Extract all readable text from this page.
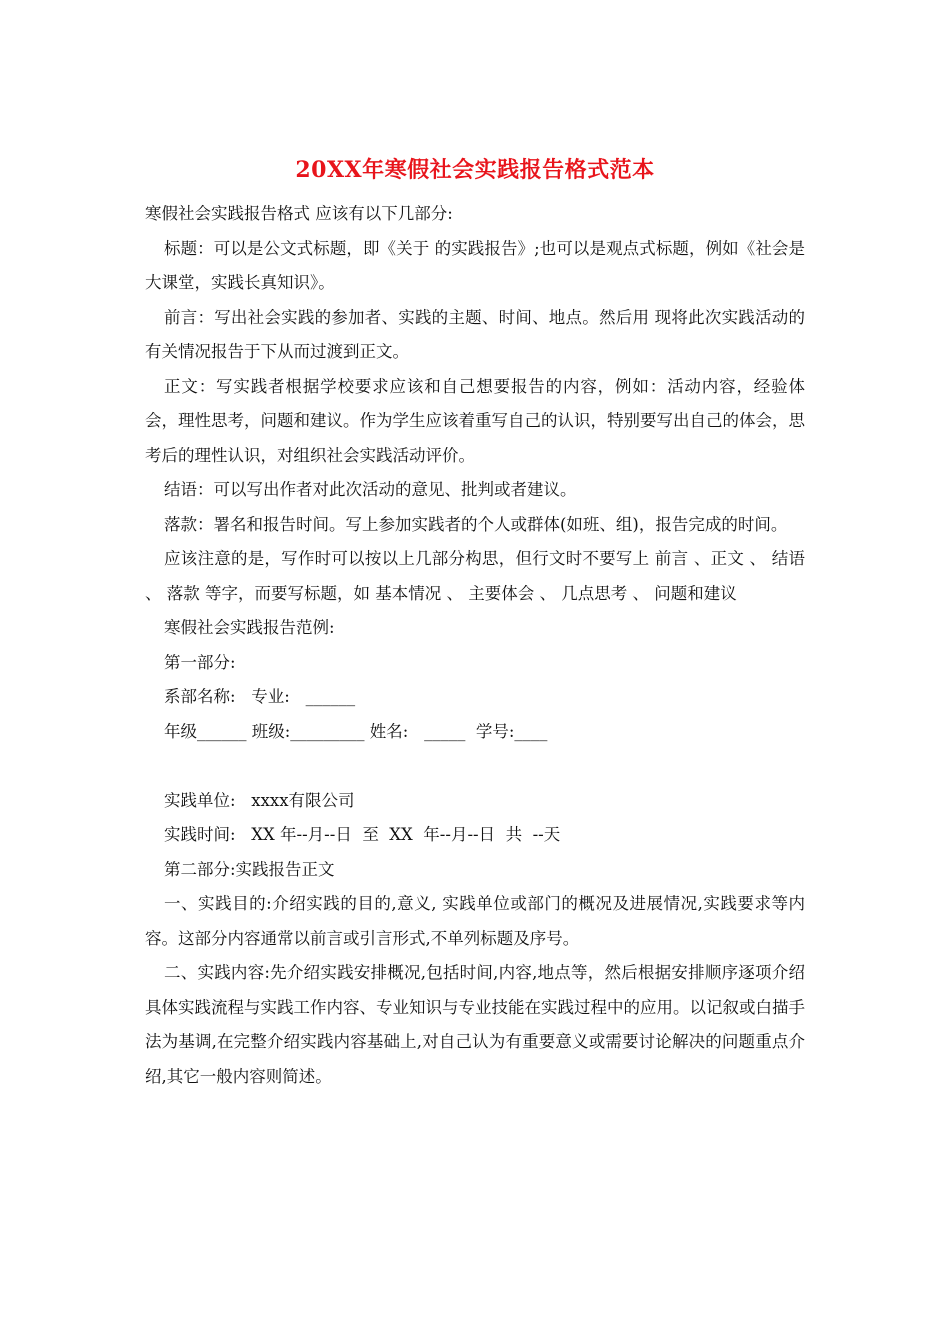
20XX年寒假社会实践报告格式范本

寒假社会实践报告格式 应该有以下几部分:

标题：可以是公文式标题，即《关于 的实践报告》;也可以是观点式标题，例如《社会是大课堂，实践长真知识》。

前言：写出社会实践的参加者、实践的主题、时间、地点。然后用 现将此次实践活动的有关情况报告于下从而过渡到正文。

正文：写实践者根据学校要求应该和自己想要报告的内容，例如：活动内容，经验体会，理性思考，问题和建议。作为学生应该着重写自己的认识，特别要写出自己的体会，思考后的理性认识，对组织社会实践活动评价。

结语：可以写出作者对此次活动的意见、批判或者建议。

落款：署名和报告时间。写上参加实践者的个人或群体(如班、组)，报告完成的时间。

应该注意的是，写作时可以按以上几部分构思，但行文时不要写上 前言 、正文 、 结语 、 落款 等字，而要写标题，如 基本情况 、 主要体会 、 几点思考 、 问题和建议

寒假社会实践报告范例:

第一部分:

系部名称:   专业:   ______

年级______ 班级:_________ 姓名:   _____  学号:____

实践单位:   xxxx有限公司

实践时间:   XX 年--月--日  至  XX  年--月--日  共  --天

第二部分:实践报告正文

一、实践目的:介绍实践的目的,意义, 实践单位或部门的概况及进展情况,实践要求等内容。这部分内容通常以前言或引言形式,不单列标题及序号。

二、实践内容:先介绍实践安排概况,包括时间,内容,地点等，然后根据安排顺序逐项介绍具体实践流程与实践工作内容、专业知识与专业技能在实践过程中的应用。以记叙或白描手法为基调,在完整介绍实践内容基础上,对自己认为有重要意义或需要讨论解决的问题重点介绍,其它一般内容则简述。
